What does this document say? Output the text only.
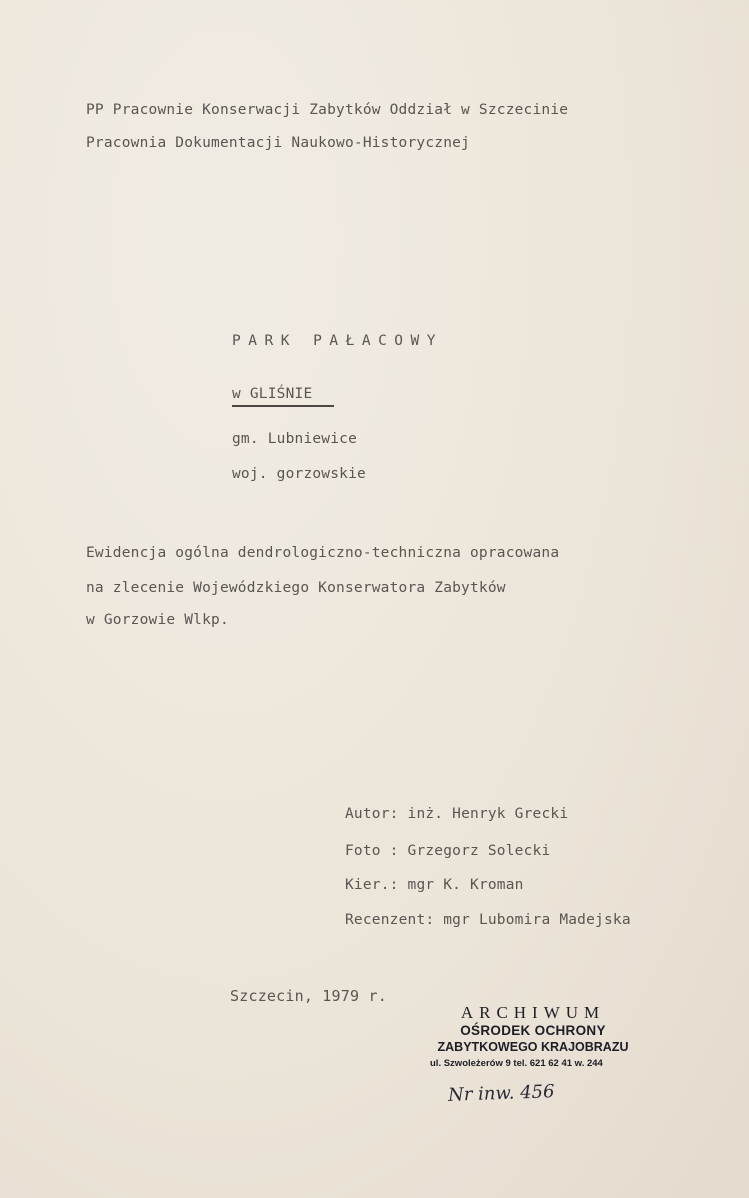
PP Pracownie Konserwacji Zabytków Oddział w Szczecinie
Pracownia Dokumentacji Naukowo-Historycznej
PARK PAŁACOWY
w GLIŚNIE
gm. Lubniewice
woj. gorzowskie
Ewidencja ogólna dendrologiczno-techniczna opracowana
na zlecenie Wojewódzkiego Konserwatora Zabytków
w Gorzowie Wlkp.
Autor: inż. Henryk Grecki
Foto : Grzegorz Solecki
Kier.: mgr K. Kroman
Recenzent: mgr Lubomira Madejska
Szczecin, 1979 r.
ARCHIWUM
OŚRODEK OCHRONY
ZABYTKOWEGO KRAJOBRAZU
ul. Szwoleżerów 9 tel. 621 62 41 w. 244
Nr inw. 456
